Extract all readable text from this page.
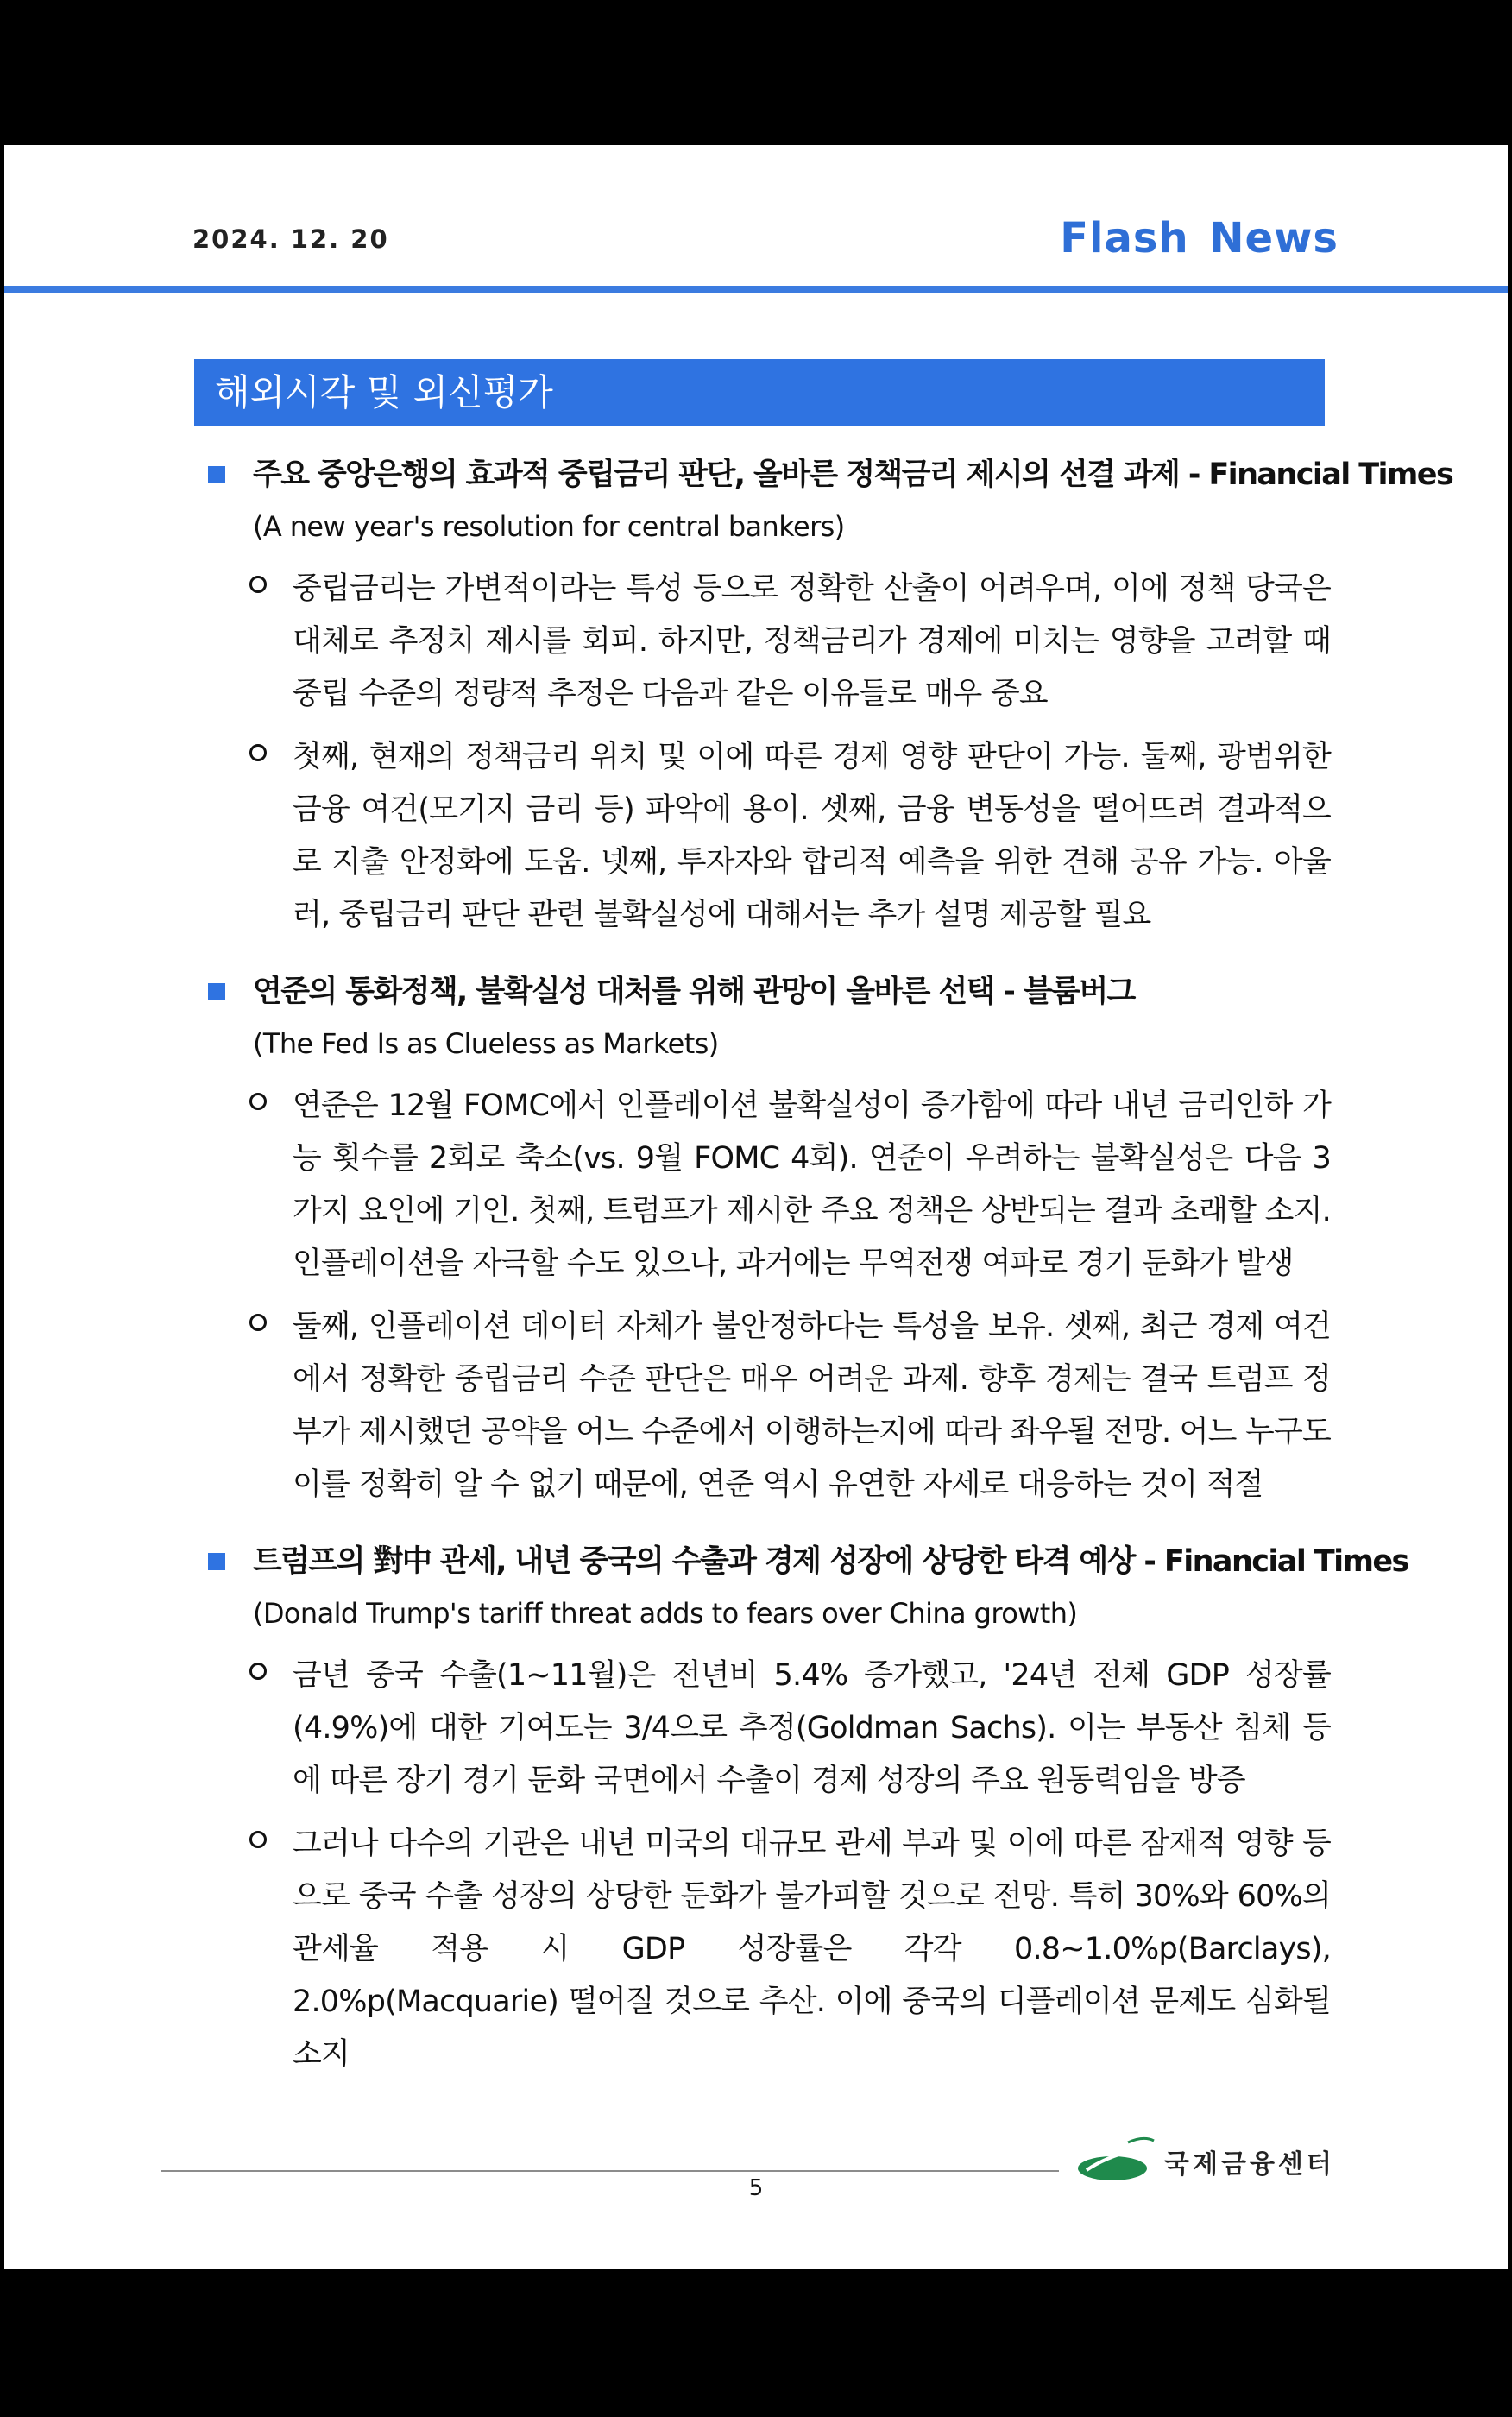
2024. 12. 20	Flash News
해외시각 및 외신평가
주요 중앙은행의 효과적 중립금리 판단, 올바른 정책금리 제시의 선결 과제 - Financial Times
(A new year's resolution for central bankers)
중립금리는 가변적이라는 특성 등으로 정확한 산출이 어려우며, 이에 정책 당국은 대체로 추정치 제시를 회피. 하지만, 정책금리가 경제에 미치는 영향을 고려할 때 중립 수준의 정량적 추정은 다음과 같은 이유들로 매우 중요
첫째, 현재의 정책금리 위치 및 이에 따른 경제 영향 판단이 가능. 둘째, 광범위한 금융 여건(모기지 금리 등) 파악에 용이. 셋째, 금융 변동성을 떨어뜨려 결과적으로 지출 안정화에 도움. 넷째, 투자자와 합리적 예측을 위한 견해 공유 가능. 아울러, 중립금리 판단 관련 불확실성에 대해서는 추가 설명 제공할 필요
연준의 통화정책, 불확실성 대처를 위해 관망이 올바른 선택 - 블룸버그
(The Fed Is as Clueless as Markets)
연준은 12월 FOMC에서 인플레이션 불확실성이 증가함에 따라 내년 금리인하 가능 횟수를 2회로 축소(vs. 9월 FOMC 4회). 연준이 우려하는 불확실성은 다음 3가지 요인에 기인. 첫째, 트럼프가 제시한 주요 정책은 상반되는 결과 초래할 소지. 인플레이션을 자극할 수도 있으나, 과거에는 무역전쟁 여파로 경기 둔화가 발생
둘째, 인플레이션 데이터 자체가 불안정하다는 특성을 보유. 셋째, 최근 경제 여건에서 정확한 중립금리 수준 판단은 매우 어려운 과제. 향후 경제는 결국 트럼프 정부가 제시했던 공약을 어느 수준에서 이행하는지에 따라 좌우될 전망. 어느 누구도 이를 정확히 알 수 없기 때문에, 연준 역시 유연한 자세로 대응하는 것이 적절
트럼프의 對中 관세, 내년 중국의 수출과 경제 성장에 상당한 타격 예상 - Financial Times
(Donald Trump's tariff threat adds to fears over China growth)
금년 중국 수출(1~11월)은 전년비 5.4% 증가했고, '24년 전체 GDP 성장률(4.9%)에 대한 기여도는 3/4으로 추정(Goldman Sachs). 이는 부동산 침체 등에 따른 장기 경기 둔화 국면에서 수출이 경제 성장의 주요 원동력임을 방증
그러나 다수의 기관은 내년 미국의 대규모 관세 부과 및 이에 따른 잠재적 영향 등으로 중국 수출 성장의 상당한 둔화가 불가피할 것으로 전망. 특히 30%와 60%의 관세율 적용 시 GDP 성장률은 각각 0.8~1.0%p(Barclays), 2.0%p(Macquarie) 떨어질 것으로 추산. 이에 중국의 디플레이션 문제도 심화될 소지
국제금융센터
5
